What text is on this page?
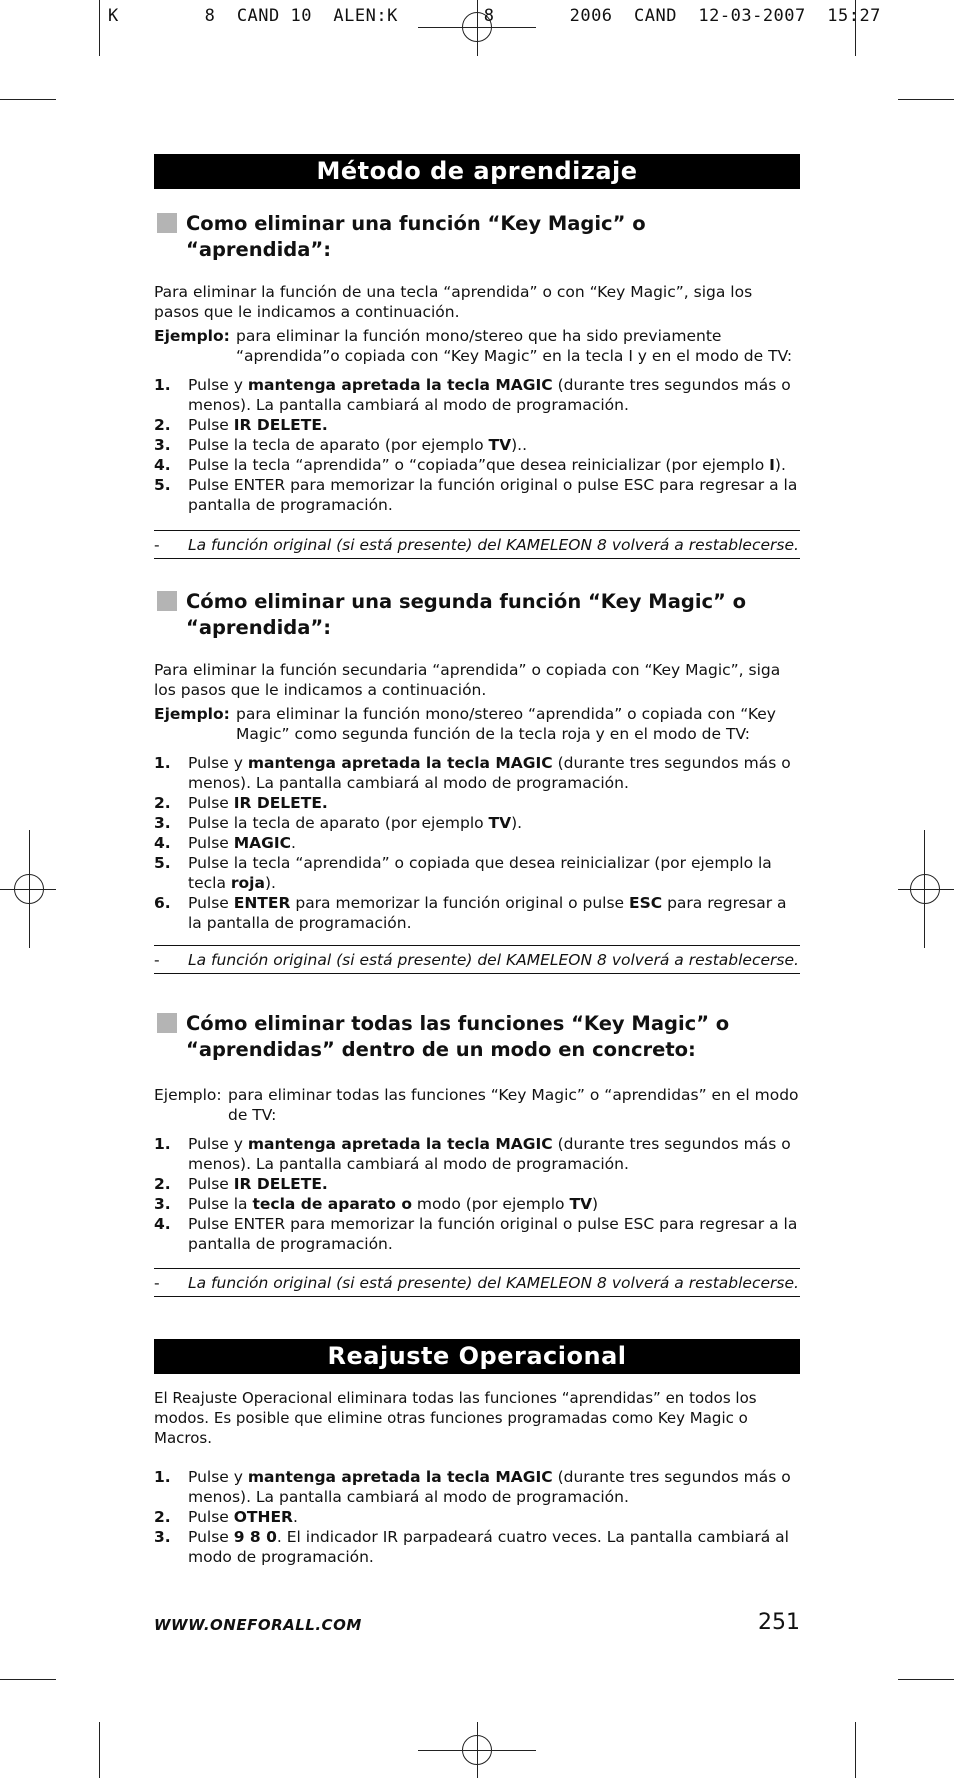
K        8  CAND 10  ALEN:K        8       2006  CAND  12-03-2007  15:27
Método de aprendizaje
Como eliminar una función “Key Magic” o
“aprendida”:

Para eliminar la función de una tecla “aprendida” o con “Key Magic”, siga los pasos que le indicamos a continuación.

Ejemplo: para eliminar la función mono/stereo que ha sido previamente “aprendida”o copiada con “Key Magic” en la tecla I y en el modo de TV:
1. Pulse y mantenga apretada la tecla MAGIC (durante tres segundos más o menos). La pantalla cambiará al modo de programación.
2. Pulse IR DELETE.
3. Pulse la tecla de aparato (por ejemplo TV)..
4. Pulse la tecla “aprendida” o “copiada”que desea reinicializar (por ejemplo I).
5. Pulse ENTER para memorizar la función original o pulse ESC para regresar a la pantalla de programación.
- La función original (si está presente) del KAMELEON 8 volverá a restablecerse.
Cómo eliminar una segunda función “Key Magic” o
“aprendida”:

Para eliminar la función secundaria “aprendida” o copiada con “Key Magic”, siga los pasos que le indicamos a continuación.

Ejemplo: para eliminar la función mono/stereo “aprendida” o copiada con “Key Magic” como segunda función de la tecla roja y en el modo de TV:
1. Pulse y mantenga apretada la tecla MAGIC (durante tres segundos más o menos). La pantalla cambiará al modo de programación.
2. Pulse IR DELETE.
3. Pulse la tecla de aparato (por ejemplo TV).
4. Pulse MAGIC.
5. Pulse la tecla “aprendida” o copiada que desea reinicializar (por ejemplo la tecla roja).
6. Pulse ENTER para memorizar la función original o pulse ESC para regresar a la pantalla de programación.
- La función original (si está presente) del KAMELEON 8 volverá a restablecerse.
Cómo eliminar todas las funciones “Key Magic” o
“aprendidas” dentro de un modo en concreto:
Ejemplo: para eliminar todas las funciones “Key Magic” o “aprendidas” en el modo de TV:
1. Pulse y mantenga apretada la tecla MAGIC (durante tres segundos más o menos). La pantalla cambiará al modo de programación.
2. Pulse IR DELETE.
3. Pulse la tecla de aparato o modo (por ejemplo TV)
4. Pulse ENTER para memorizar la función original o pulse ESC para regresar a la pantalla de programación.
- La función original (si está presente) del KAMELEON 8 volverá a restablecerse.
Reajuste Operacional

El Reajuste Operacional eliminara todas las funciones “aprendidas” en todos los modos. Es posible que elimine otras funciones programadas como Key Magic o Macros.

1. Pulse y mantenga apretada la tecla MAGIC (durante tres segundos más o menos). La pantalla cambiará al modo de programación.
2. Pulse OTHER.
3. Pulse 9 8 0. El indicador IR parpadeará cuatro veces. La pantalla cambiará al modo de programación.
WWW.ONEFORALL.COM	251
